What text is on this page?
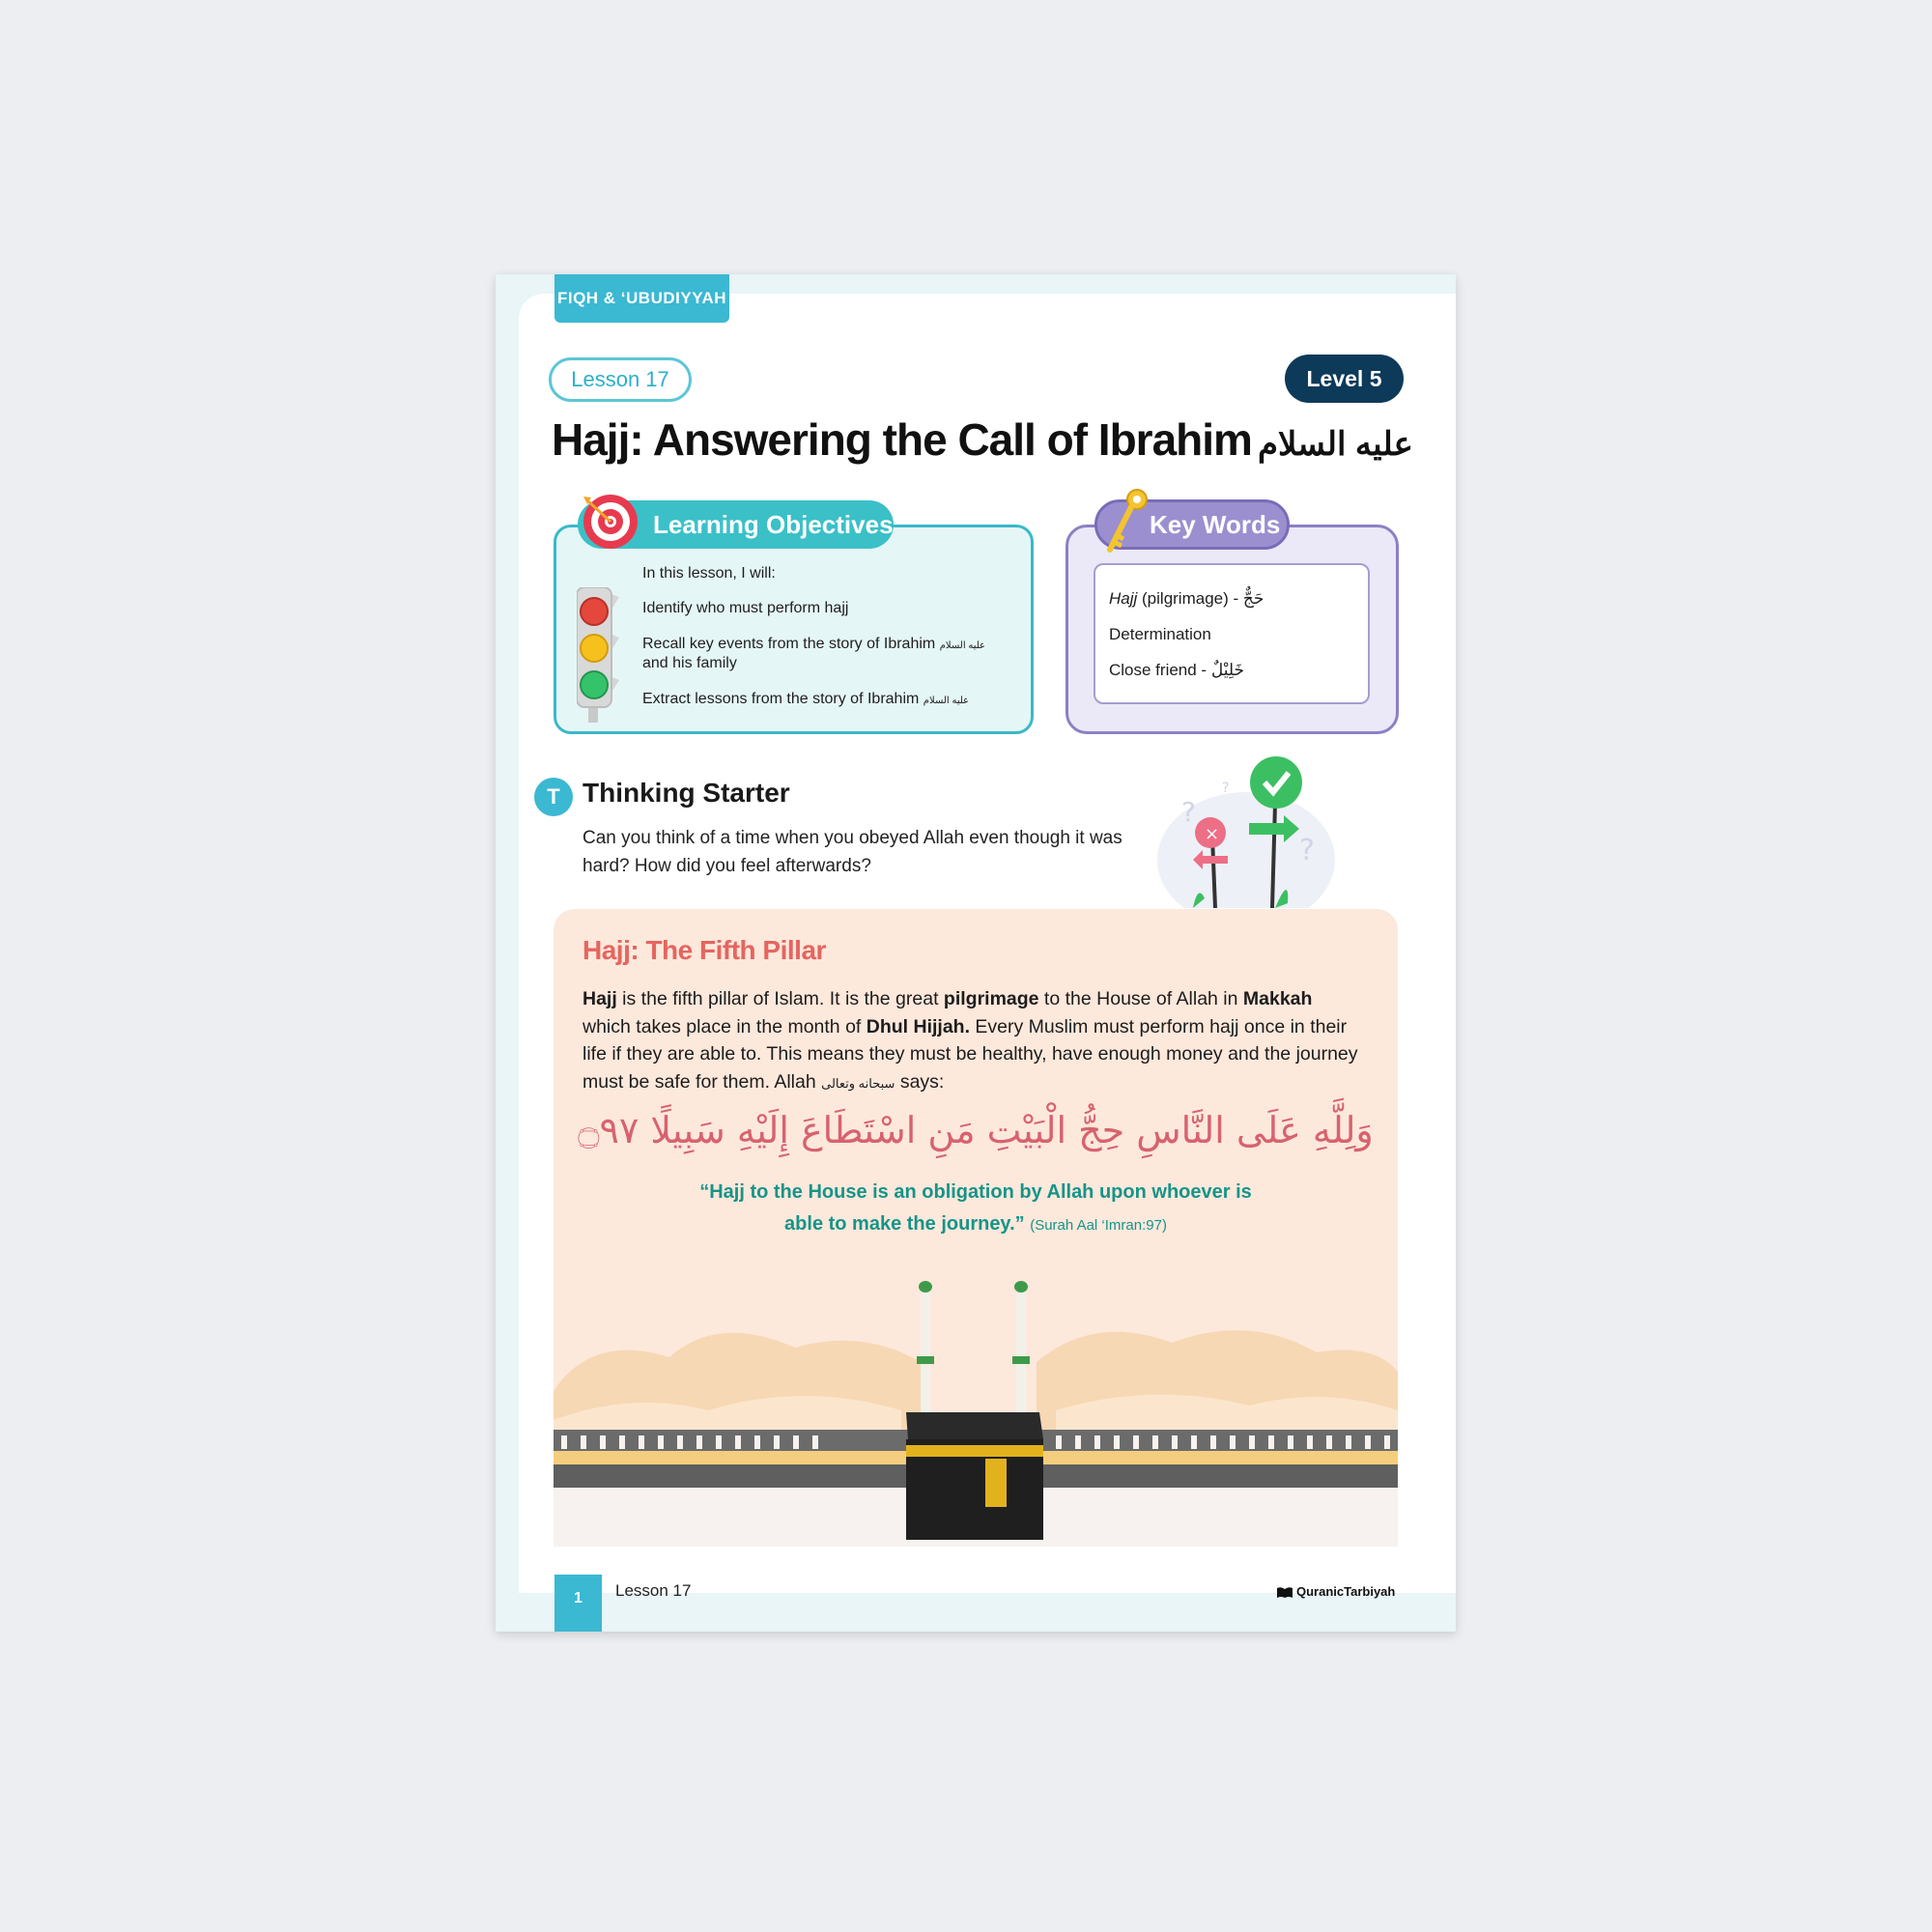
FIQH & ‘UBUDIYYAH
Lesson 17	Level 5
Hajj: Answering the Call of Ibrahim عليه السلام
Learning Objectives
In this lesson, I will:
Identify who must perform hajj
Recall key events from the story of Ibrahim عليه السلام
and his family
Extract lessons from the story of Ibrahim عليه السلام
Key Words
Hajj (pilgrimage) - حَجٌّ
Determination
Close friend - خَلِيْلٌ
T Thinking Starter
Can you think of a time when you obeyed Allah even though it was hard? How did you feel afterwards?
?
?
?
×
Hajj: The Fifth Pillar
Hajj is the fifth pillar of Islam. It is the great pilgrimage to the House of Allah in Makkah which takes place in the month of Dhul Hijjah. Every Muslim must perform hajj once in their life if they are able to. This means they must be healthy, have enough money and the journey must be safe for them. Allah سبحانه وتعالى says:
وَلِلَّهِ عَلَى النَّاسِ حِجُّ الْبَيْتِ مَنِ اسْتَطَاعَ إِلَيْهِ سَبِيلًا ۝٩٧
“Hajj to the House is an obligation by Allah upon whoever is
able to make the journey.” (Surah Aal ‘Imran:97)
1	Lesson 17	QuranicTarbiyah
